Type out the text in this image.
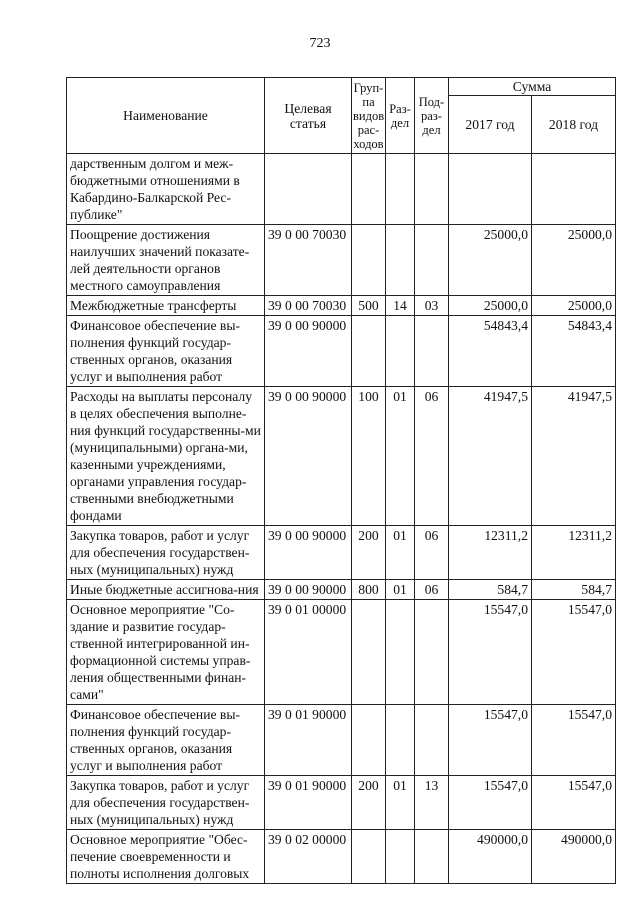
723
Наименование	Целевая статья	Груп-па видов рас-ходов	Раз-дел	Под-раз-дел	Сумма	
					2017 год	2018 год
дарственным долгом и меж-бюджетными отношениями в Кабардино-Балкарской Рес-публике"						
Поощрение достижения наилучших значений показате-лей деятельности органов местного самоуправления	39 0 00 70030				25000,0	25000,0
Межбюджетные трансферты	39 0 00 70030	500	14	03	25000,0	25000,0
Финансовое обеспечение вы-полнения функций государ-ственных органов, оказания услуг и выполнения работ	39 0 00 90000				54843,4	54843,4
Расходы на выплаты персоналу в целях обеспечения выполне-ния функций государственны-ми (муниципальными) органа-ми, казенными учреждениями, органами управления государ-ственными внебюджетными фондами	39 0 00 90000	100	01	06	41947,5	41947,5
Закупка товаров, работ и услуг для обеспечения государствен-ных (муниципальных) нужд	39 0 00 90000	200	01	06	12311,2	12311,2
Иные бюджетные ассигнова-ния	39 0 00 90000	800	01	06	584,7	584,7
Основное мероприятие "Со-здание и развитие государ-ственной интегрированной ин-формационной системы управ-ления общественными финан-сами"	39 0 01 00000				15547,0	15547,0
Финансовое обеспечение вы-полнения функций государ-ственных органов, оказания услуг и выполнения работ	39 0 01 90000				15547,0	15547,0
Закупка товаров, работ и услуг для обеспечения государствен-ных (муниципальных) нужд	39 0 01 90000	200	01	13	15547,0	15547,0
Основное мероприятие "Обес-печение своевременности и полноты исполнения долговых	39 0 02 00000				490000,0	490000,0
